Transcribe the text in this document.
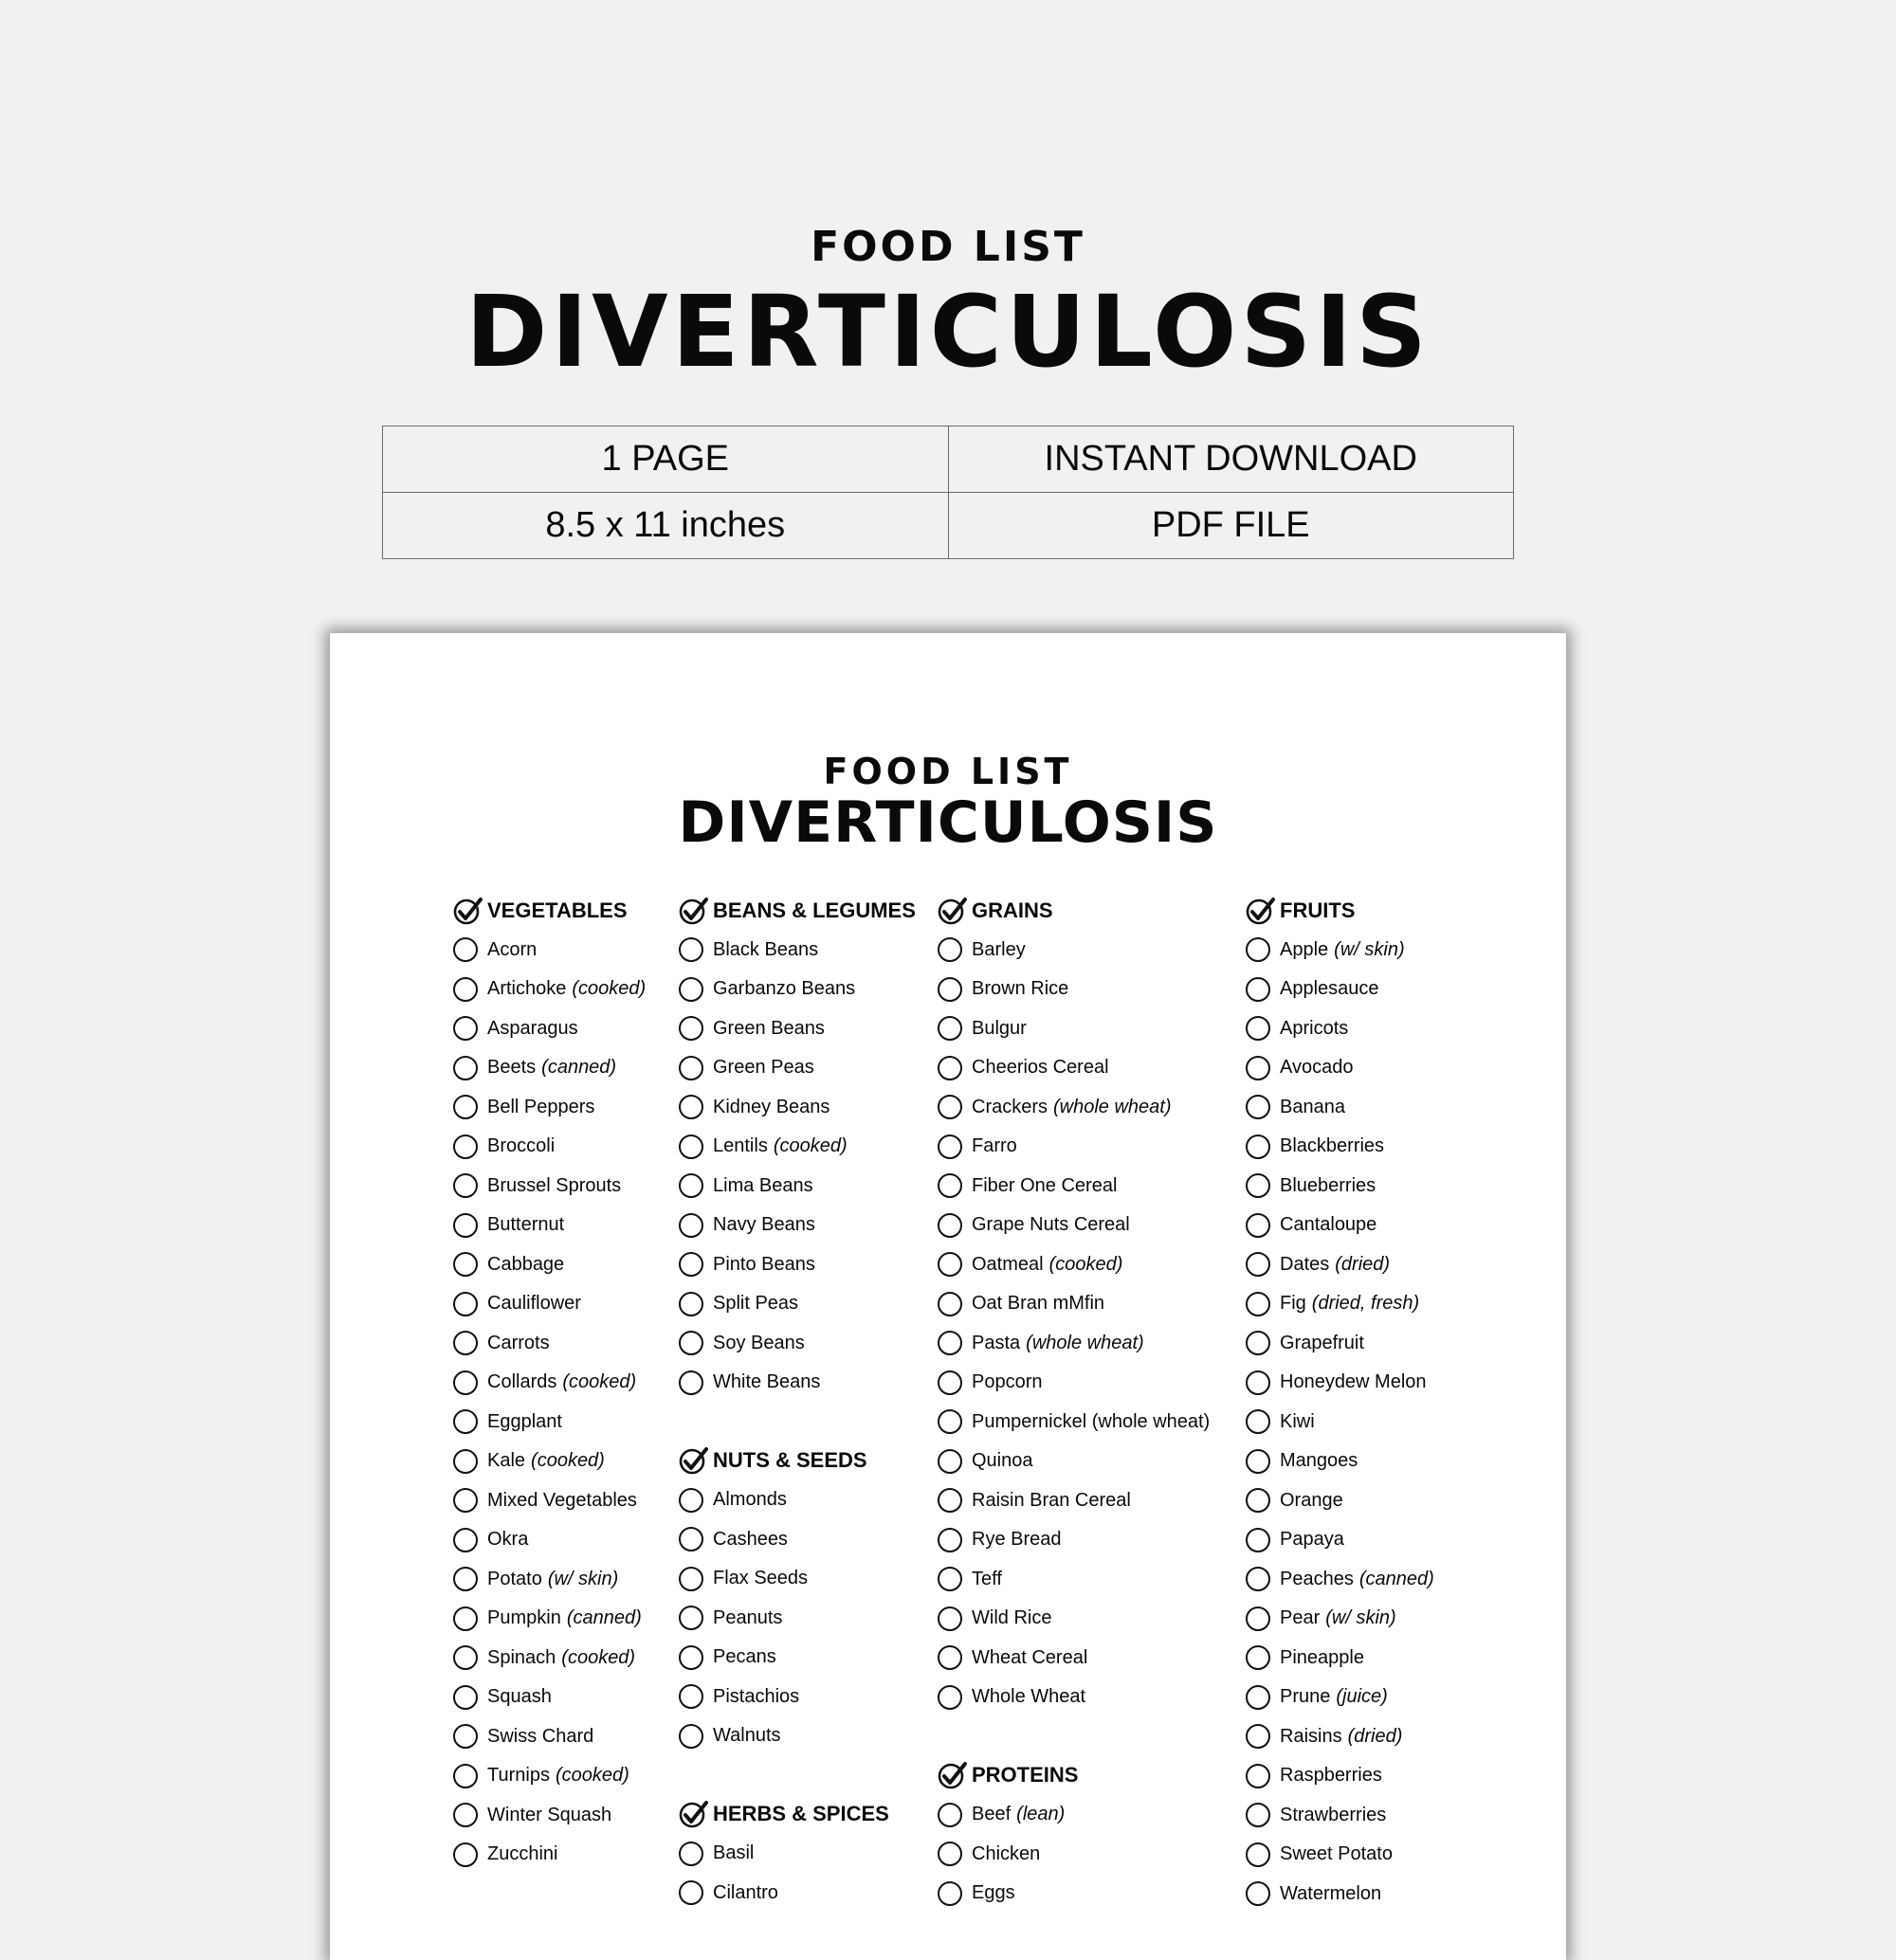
FOOD LIST
DIVERTICULOSIS
1 PAGE	INSTANT DOWNLOAD
8.5 x 11 inches	PDF FILE
FOOD LIST
DIVERTICULOSIS
VEGETABLES
Acorn
Artichoke (cooked)
Asparagus
Beets (canned)
Bell Peppers
Broccoli
Brussel Sprouts
Butternut
Cabbage
Cauliflower
Carrots
Collards (cooked)
Eggplant
Kale (cooked)
Mixed Vegetables
Okra
Potato (w/ skin)
Pumpkin (canned)
Spinach (cooked)
Squash
Swiss Chard
Turnips (cooked)
Winter Squash
Zucchini
BEANS & LEGUMES
Black Beans
Garbanzo Beans
Green Beans
Green Peas
Kidney Beans
Lentils (cooked)
Lima Beans
Navy Beans
Pinto Beans
Split Peas
Soy Beans
White Beans
NUTS & SEEDS
Almonds
Cashees
Flax Seeds
Peanuts
Pecans
Pistachios
Walnuts
HERBS & SPICES
Basil
Cilantro
GRAINS
Barley
Brown Rice
Bulgur
Cheerios Cereal
Crackers (whole wheat)
Farro
Fiber One Cereal
Grape Nuts Cereal
Oatmeal (cooked)
Oat Bran mMfin
Pasta (whole wheat)
Popcorn
Pumpernickel (whole wheat)
Quinoa
Raisin Bran Cereal
Rye Bread
Teff
Wild Rice
Wheat Cereal
Whole Wheat
PROTEINS
Beef (lean)
Chicken
Eggs
FRUITS
Apple (w/ skin)
Applesauce
Apricots
Avocado
Banana
Blackberries
Blueberries
Cantaloupe
Dates (dried)
Fig (dried, fresh)
Grapefruit
Honeydew Melon
Kiwi
Mangoes
Orange
Papaya
Peaches (canned)
Pear (w/ skin)
Pineapple
Prune (juice)
Raisins (dried)
Raspberries
Strawberries
Sweet Potato
Watermelon
